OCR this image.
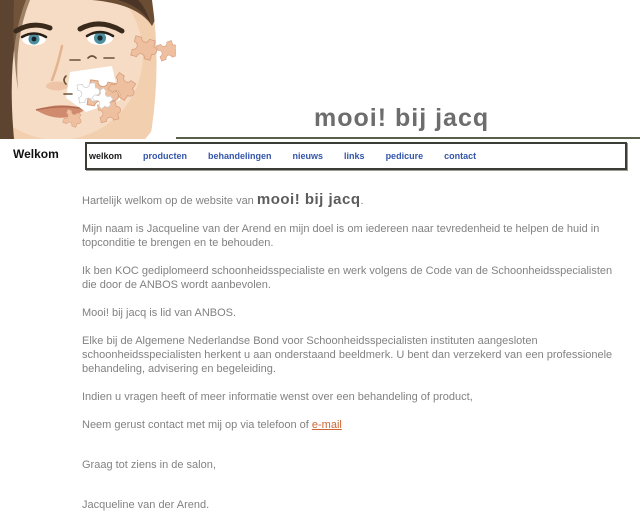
mooi! bij jacq
Welkom	welkom producten behandelingen nieuws links pedicure contact

Hartelijk welkom op de website van mooi! bij jacq.

Mijn naam is Jacqueline van der Arend en mijn doel is om iedereen naar tevredenheid te helpen de huid in topconditie te brengen en te behouden.

Ik ben KOC gediplomeerd schoonheidsspecialiste en werk volgens de Code van de Schoonheidsspecialisten die door de ANBOS wordt aanbevolen.

Mooi! bij jacq is lid van ANBOS.

Elke bij de Algemene Nederlandse Bond voor Schoonheidsspecialisten instituten aangesloten schoonheidsspecialisten herkent u aan onderstaand beeldmerk. U bent dan verzekerd van een professionele behandeling, advisering en begeleiding.

Indien u vragen heeft of meer informatie wenst over een behandeling of product,

Neem gerust contact met mij op via telefoon of e-mail

Graag tot ziens in de salon,

Jacqueline van der Arend.
